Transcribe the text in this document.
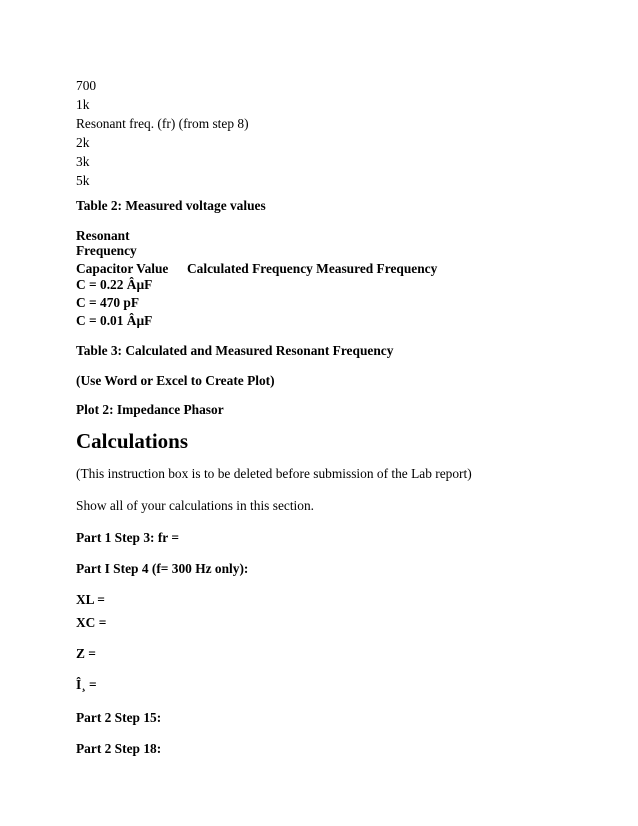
700
1k
Resonant freq. (fr) (from step 8)
2k
3k
5k
Table 2: Measured voltage values
Resonant
Frequency
Capacitor Value Calculated Frequency Measured Frequency
C = 0.22 ÂµF
C = 470 pF
C = 0.01 ÂµF
Table 3: Calculated and Measured Resonant Frequency
(Use Word or Excel to Create Plot)
Plot 2: Impedance Phasor
Calculations
(This instruction box is to be deleted before submission of the Lab report)
Show all of your calculations in this section.
Part 1 Step 3: fr =
Part I Step 4 (f= 300 Hz only):
XL =
XC =
Z =
Î¸ =
Part 2 Step 15:
Part 2 Step 18:
